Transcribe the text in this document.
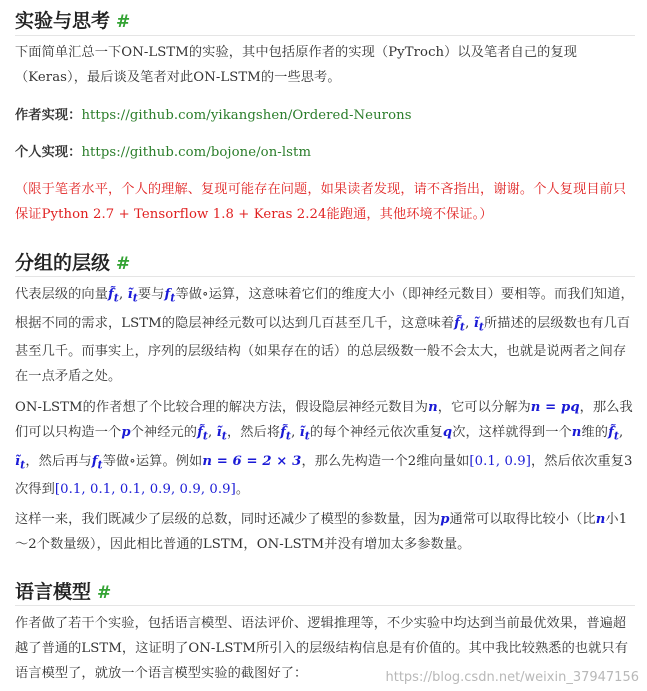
实验与思考 #

下面简单汇总一下ON-LSTM的实验，其中包括原作者的实现（PyTroch）以及笔者自己的复现（Keras），最后谈及笔者对此ON-LSTM的一些思考。

作者实现：https://github.com/yikangshen/Ordered-Neurons

个人实现：https://github.com/bojone/on-lstm

（限于笔者水平，个人的理解、复现可能存在问题，如果读者发现，请不吝指出，谢谢。个人复现目前只保证Python 2.7 + Tensorflow 1.8 + Keras 2.24能跑通，其他环境不保证。）

分组的层级 #

代表层级的向量$f̃_t$, $ĩ_t$要与$f_t$等做∘运算，这意味着它们的维度大小（即神经元数目）要相等。而我们知道，根据不同的需求，LSTM的隐层神经元数可以达到几百甚至几千，这意味着$f̃_t$, $ĩ_t$所描述的层级数也有几百甚至几千。而事实上，序列的层级结构（如果存在的话）的总层级数一般不会太大，也就是说两者之间存在一点矛盾之处。

ON-LSTM的作者想了个比较合理的解决方法，假设隐层神经元数目为n，它可以分解为n = pq，那么我们可以只构造一个p个神经元的$f̃_t$, $ĩ_t$，然后将$f̃_t$, $ĩ_t$的每个神经元依次重复q次，这样就得到一个n维的$f̃_t$, $ĩ_t$，然后再与$f_t$等做∘运算。例如n = 6 = 2 × 3，那么先构造一个2维向量如[0.1, 0.9]，然后依次重复3次得到[0.1, 0.1, 0.1, 0.9, 0.9, 0.9]。

这样一来，我们既减少了层级的总数，同时还减少了模型的参数量，因为p通常可以取得比较小（比n小1～2个数量级），因此相比普通的LSTM，ON-LSTM并没有增加太多参数量。

语言模型 #

作者做了若干个实验，包括语言模型、语法评价、逻辑推理等，不少实验中均达到当前最优效果，普遍超越了普通的LSTM，这证明了ON-LSTM所引入的层级结构信息是有价值的。其中我比较熟悉的也就只有语言模型了，就放一个语言模型实验的截图好了：	https://blog.csdn.net/weixin_37947156
